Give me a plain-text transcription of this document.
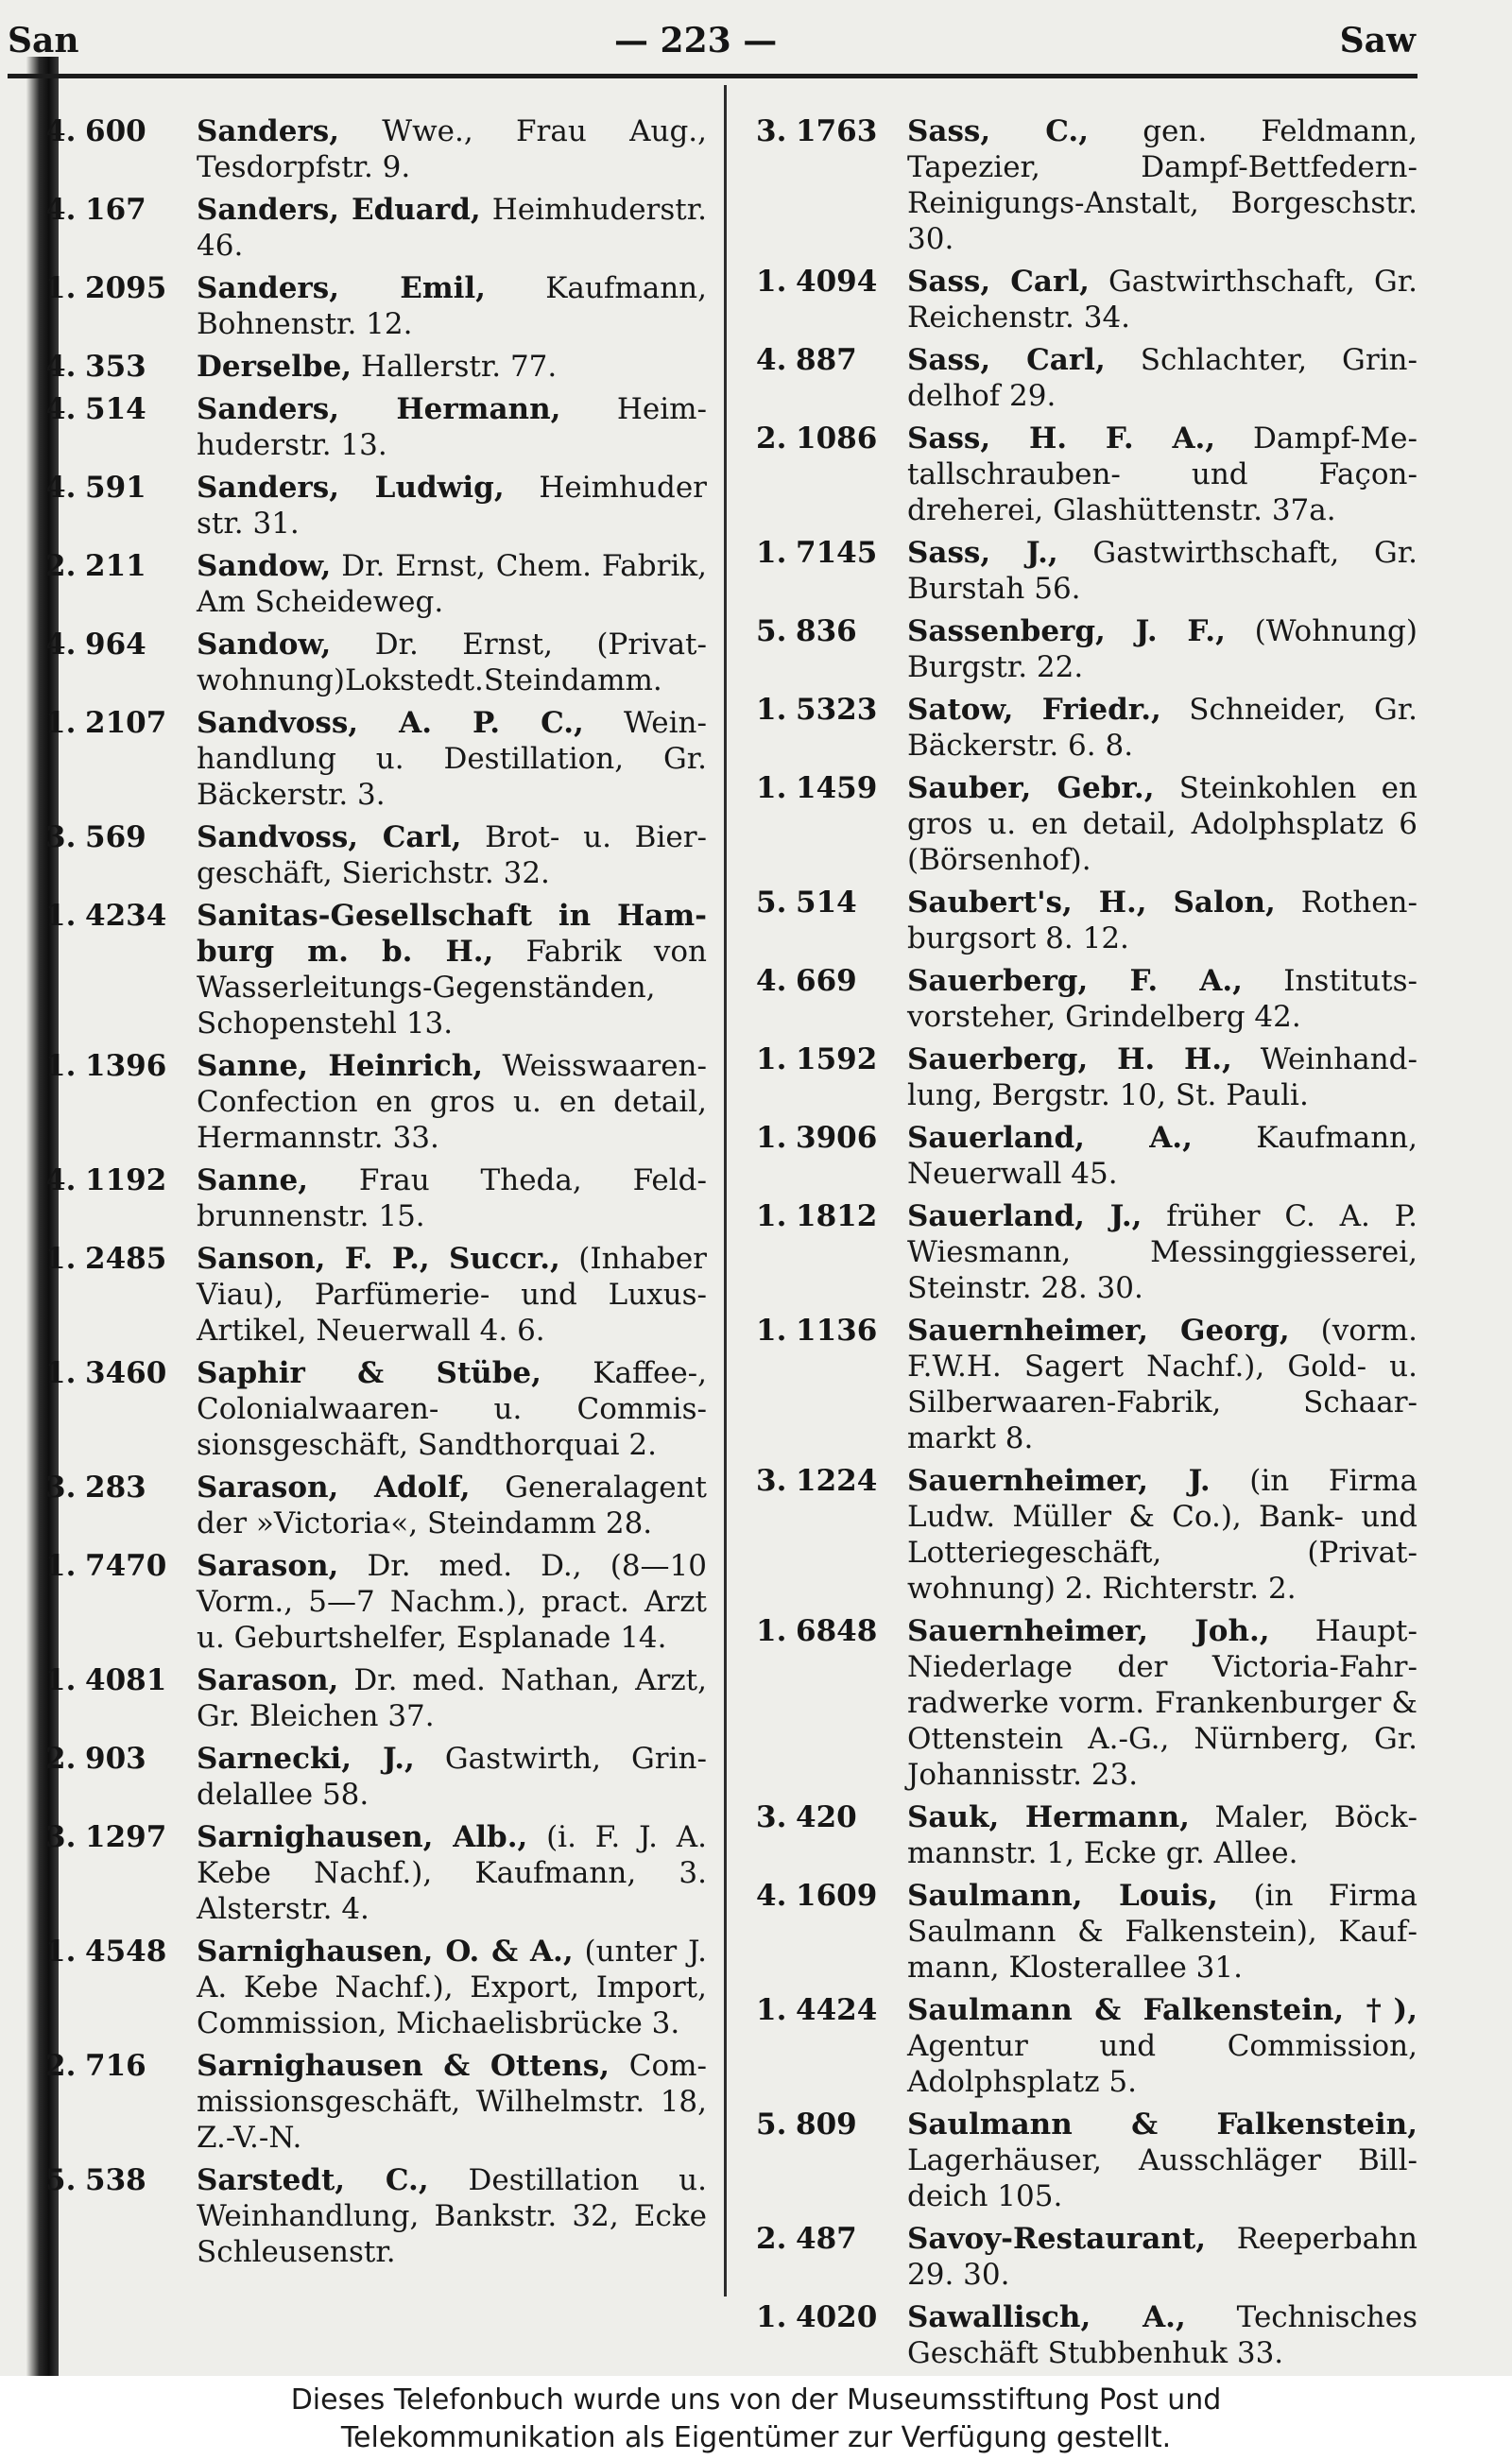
San	— 223 —	Saw
4. 600	Sanders, Wwe., Frau Aug., Tesdorpfstr. 9.
4. 167	Sanders, Eduard, Heimhuderstr. 46.
1. 2095	Sanders, Emil, Kaufmann, Bohnenstr. 12.
4. 353	Derselbe, Hallerstr. 77.
4. 514	Sanders, Hermann, Heimhuderstr. 13.
4. 591	Sanders, Ludwig, Heimhuder str. 31.
2. 211	Sandow, Dr. Ernst, Chem. Fabrik, Am Scheideweg.
4. 964	Sandow, Dr. Ernst, (Privatwohnung)Lokstedt.Steindamm.
1. 2107	Sandvoss, A. P. C., Weinhandlung u. Destillation, Gr. Bäckerstr. 3.
3. 569	Sandvoss, Carl, Brot- u. Biergeschäft, Sierichstr. 32.
1. 4234	Sanitas-Gesellschaft in Hamburg m. b. H., Fabrik von Wasserleitungs-Gegenständen, Schopenstehl 13.
1. 1396	Sanne, Heinrich, Weisswaaren-Confection en gros u. en detail, Hermannstr. 33.
4. 1192	Sanne, Frau Theda, Feldbrunnenstr. 15.
1. 2485	Sanson, F. P., Succr., (Inhaber Viau), Parfümerie- und Luxus-Artikel, Neuerwall 4. 6.
1. 3460	Saphir & Stübe, Kaffee-, Colonialwaaren- u. Commissionsgeschäft, Sandthorquai 2.
3. 283	Sarason, Adolf, Generalagent der »Victoria«, Steindamm 28.
1. 7470	Sarason, Dr. med. D., (8—10 Vorm., 5—7 Nachm.), pract. Arzt u. Geburtshelfer, Esplanade 14.
1. 4081	Sarason, Dr. med. Nathan, Arzt, Gr. Bleichen 37.
2. 903	Sarnecki, J., Gastwirth, Grindelallee 58.
3. 1297	Sarnighausen, Alb., (i. F. J. A. Kebe Nachf.), Kaufmann, 3. Alsterstr. 4.
1. 4548	Sarnighausen, O. & A., (unter J. A. Kebe Nachf.), Export, Import, Commission, Michaelisbrücke 3.
2. 716	Sarnighausen & Ottens, Commissionsgeschäft, Wilhelmstr. 18, Z.-V.-N.
5. 538	Sarstedt, C., Destillation u. Weinhandlung, Bankstr. 32, Ecke Schleusenstr.
3. 1763	Sass, C., gen. Feldmann, Tapezier, Dampf-Bettfedern-Reinigungs-Anstalt, Borgeschstr. 30.
1. 4094	Sass, Carl, Gastwirthschaft, Gr. Reichenstr. 34.
4. 887	Sass, Carl, Schlachter, Grindelhof 29.
2. 1086	Sass, H. F. A., Dampf-Metallschrauben- und Façondreherei, Glashüttenstr. 37a.
1. 7145	Sass, J., Gastwirthschaft, Gr. Burstah 56.
5. 836	Sassenberg, J. F., (Wohnung) Burgstr. 22.
1. 5323	Satow, Friedr., Schneider, Gr. Bäckerstr. 6. 8.
1. 1459	Sauber, Gebr., Steinkohlen en gros u. en detail, Adolphsplatz 6 (Börsenhof).
5. 514	Saubert's, H., Salon, Rothenburgsort 8. 12.
4. 669	Sauerberg, F. A., Institutsvorsteher, Grindelberg 42.
1. 1592	Sauerberg, H. H., Weinhandlung, Bergstr. 10, St. Pauli.
1. 3906	Sauerland, A., Kaufmann, Neuerwall 45.
1. 1812	Sauerland, J., früher C. A. P. Wiesmann, Messinggiesserei, Steinstr. 28. 30.
1. 1136	Sauernheimer, Georg, (vorm. F.W.H. Sagert Nachf.), Gold- u. Silberwaaren-Fabrik, Schaarmarkt 8.
3. 1224	Sauernheimer, J. (in Firma Ludw. Müller & Co.), Bank- und Lotteriegeschäft, (Privatwohnung) 2. Richterstr. 2.
1. 6848	Sauernheimer, Joh., Haupt-Niederlage der Victoria-Fahrradwerke vorm. Frankenburger & Ottenstein A.-G., Nürnberg, Gr. Johannisstr. 23.
3. 420	Sauk, Hermann, Maler, Böckmannstr. 1, Ecke gr. Allee.
4. 1609	Saulmann, Louis, (in Firma Saulmann & Falkenstein), Kaufmann, Klosterallee 31.
1. 4424	Saulmann & Falkenstein, †), Agentur und Commission, Adolphsplatz 5.
5. 809	Saulmann & Falkenstein, Lagerhäuser, Ausschläger Billdeich 105.
2. 487	Savoy-Restaurant, Reeperbahn 29. 30.
1. 4020	Sawallisch, A., Technisches Geschäft Stubbenhuk 33.
Dieses Telefonbuch wurde uns von der Museumsstiftung Post und
Telekommunikation als Eigentümer zur Verfügung gestellt.
